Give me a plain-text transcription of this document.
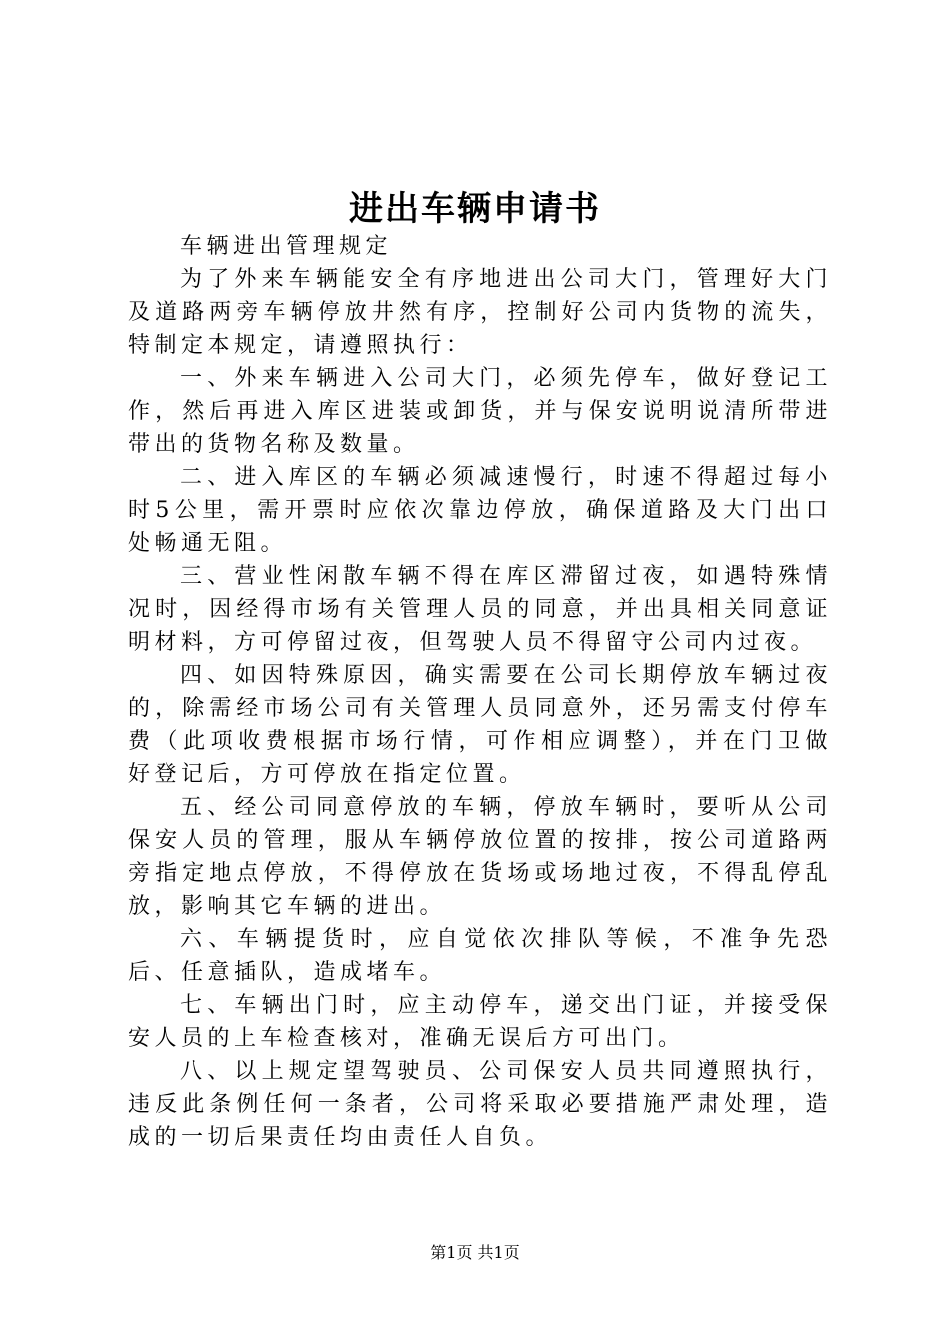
进出车辆申请书

车辆进出管理规定

为了外来车辆能安全有序地进出公司大门，管理好大门及道路两旁车辆停放井然有序，控制好公司内货物的流失，特制定本规定，请遵照执行：

一、外来车辆进入公司大门，必须先停车，做好登记工作，然后再进入库区进装或卸货，并与保安说明说清所带进带出的货物名称及数量。

二、进入库区的车辆必须减速慢行，时速不得超过每小时5公里，需开票时应依次靠边停放，确保道路及大门出口处畅通无阻。

三、营业性闲散车辆不得在库区滞留过夜，如遇特殊情况时，因经得市场有关管理人员的同意，并出具相关同意证明材料，方可停留过夜，但驾驶人员不得留守公司内过夜。

四、如因特殊原因，确实需要在公司长期停放车辆过夜的，除需经市场公司有关管理人员同意外，还另需支付停车费（此项收费根据市场行情，可作相应调整），并在门卫做好登记后，方可停放在指定位置。

五、经公司同意停放的车辆，停放车辆时，要听从公司保安人员的管理，服从车辆停放位置的按排，按公司道路两旁指定地点停放，不得停放在货场或场地过夜，不得乱停乱放，影响其它车辆的进出。

六、车辆提货时，应自觉依次排队等候，不准争先恐后、任意插队，造成堵车。

七、车辆出门时，应主动停车，递交出门证，并接受保安人员的上车检查核对，准确无误后方可出门。

八、以上规定望驾驶员、公司保安人员共同遵照执行，违反此条例任何一条者，公司将采取必要措施严肃处理，造成的一切后果责任均由责任人自负。

第1页 共1页
